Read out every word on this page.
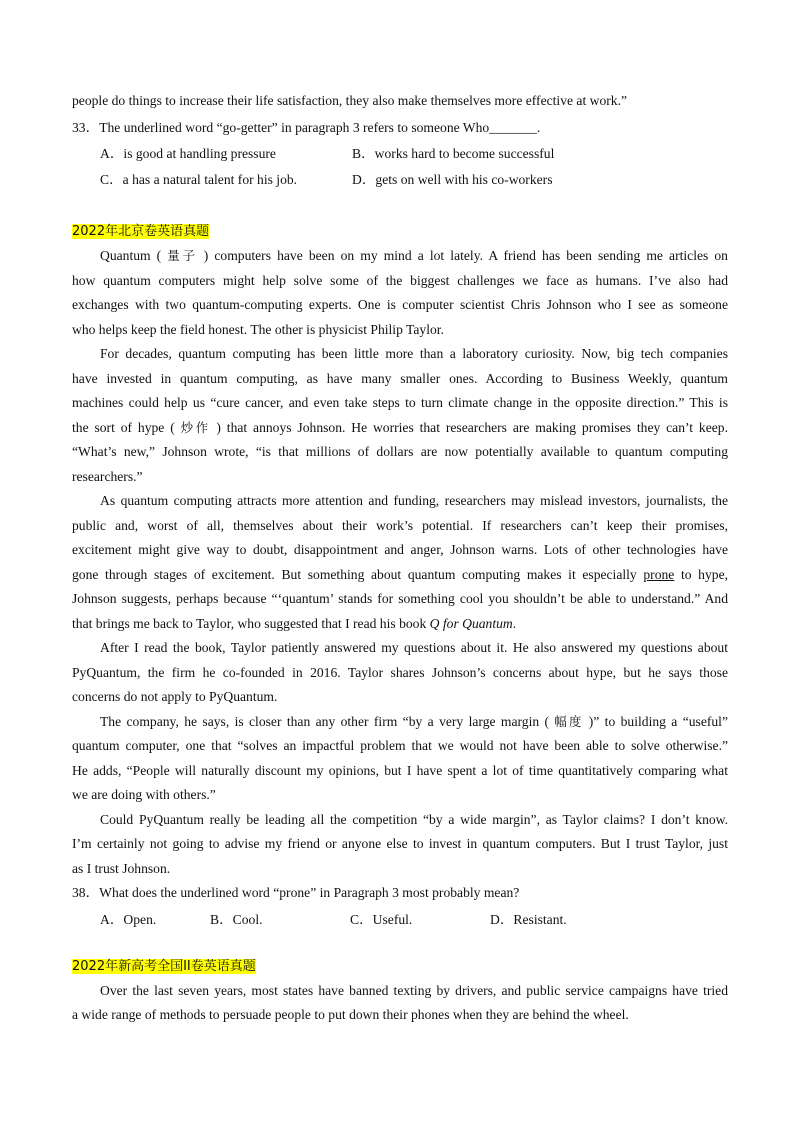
people do things to increase their life satisfaction, they also make themselves more effective at work.”
33．The underlined word “go-getter” in paragraph 3 refers to someone Who_______.
A．is good at handling pressure	B．works hard to become successful
C．a has a natural talent for his job.	D．gets on well with his co-workers
2022年北京卷英语真题
Quantum ( 量子 ) computers have been on my mind a lot lately. A friend has been sending me articles on
how quantum computers might help solve some of the biggest challenges we face as humans. I’ve also had
exchanges with two quantum-computing experts. One is computer scientist Chris Johnson who I see as someone
who helps keep the field honest. The other is physicist Philip Taylor.
For decades, quantum computing has been little more than a laboratory curiosity. Now, big tech companies
have invested in quantum computing, as have many smaller ones. According to Business Weekly, quantum
machines could help us “cure cancer, and even take steps to turn climate change in the opposite direction.” This is
the sort of hype ( 炒作 ) that annoys Johnson. He worries that researchers are making promises they can’t keep.
“What’s new,” Johnson wrote, “is that millions of dollars are now potentially available to quantum computing
researchers.”
As quantum computing attracts more attention and funding, researchers may mislead investors, journalists, the
public and, worst of all, themselves about their work’s potential. If researchers can’t keep their promises,
excitement might give way to doubt, disappointment and anger, Johnson warns. Lots of other technologies have
gone through stages of excitement. But something about quantum computing makes it especially prone to hype,
Johnson suggests, perhaps because “‘quantum’ stands for something cool you shouldn’t be able to understand.” And
that brings me back to Taylor, who suggested that I read his book Q for Quantum.
After I read the book, Taylor patiently answered my questions about it. He also answered my questions about
PyQuantum, the firm he co-founded in 2016. Taylor shares Johnson’s concerns about hype, but he says those
concerns do not apply to PyQuantum.
The company, he says, is closer than any other firm “by a very large margin ( 幅度 )” to building a “useful”
quantum computer, one that “solves an impactful problem that we would not have been able to solve otherwise.”
He adds, “People will naturally discount my opinions, but I have spent a lot of time quantitatively comparing what
we are doing with others.”
Could PyQuantum really be leading all the competition “by a wide margin”, as Taylor claims? I don’t know.
I’m certainly not going to advise my friend or anyone else to invest in quantum computers. But I trust Taylor, just
as I trust Johnson.
38．What does the underlined word “prone” in Paragraph 3 most probably mean?
A．Open.	B．Cool.	C．Useful.	D．Resistant.
2022年新高考全国II卷英语真题
Over the last seven years, most states have banned texting by drivers, and public service campaigns have tried
a wide range of methods to persuade people to put down their phones when they are behind the wheel.
